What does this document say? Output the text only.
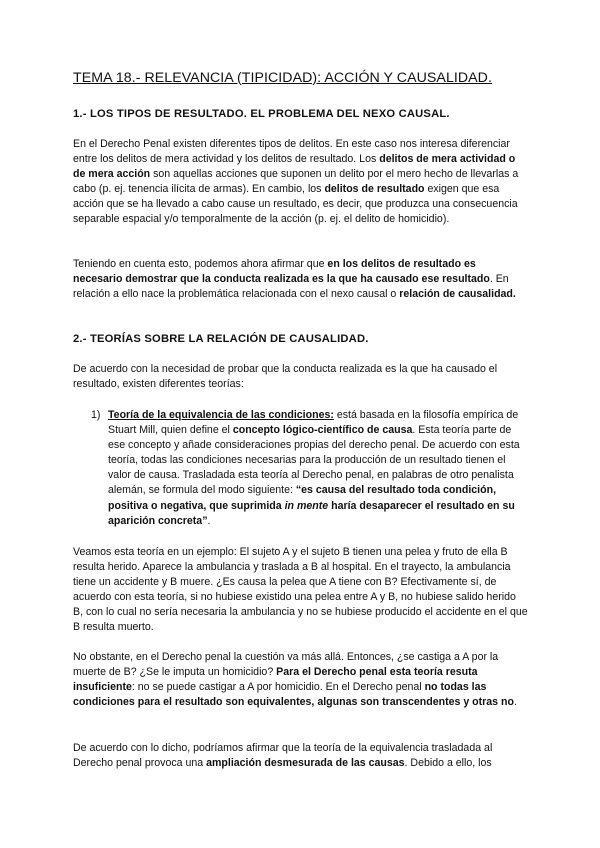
TEMA 18.- RELEVANCIA (TIPICIDAD): ACCIÓN Y CAUSALIDAD.
1.- LOS TIPOS DE RESULTADO. EL PROBLEMA DEL NEXO CAUSAL.

En el Derecho Penal existen diferentes tipos de delitos. En este caso nos interesa diferenciar entre los delitos de mera actividad y los delitos de resultado. Los delitos de mera actividad o de mera acción son aquellas acciones que suponen un delito por el mero hecho de llevarlas a cabo (p. ej. tenencia ilícita de armas). En cambio, los delitos de resultado exigen que esa acción que se ha llevado a cabo cause un resultado, es decir, que produzca una consecuencia separable espacial y/o temporalmente de la acción (p. ej. el delito de homicidio).

Teniendo en cuenta esto, podemos ahora afirmar que en los delitos de resultado es necesario demostrar que la conducta realizada es la que ha causado ese resultado. En relación a ello nace la problemática relacionada con el nexo causal o relación de causalidad.

2.- TEORÍAS SOBRE LA RELACIÓN DE CAUSALIDAD.

De acuerdo con la necesidad de probar que la conducta realizada es la que ha causado el resultado, existen diferentes teorías:

1) Teoría de la equivalencia de las condiciones: está basada en la filosofía empírica de Stuart Mill, quien define el concepto lógico-científico de causa. Esta teoría parte de ese concepto y añade consideraciones propias del derecho penal. De acuerdo con esta teoría, todas las condiciones necesarias para la producción de un resultado tienen el valor de causa. Trasladada esta teoría al Derecho penal, en palabras de otro penalista alemán, se formula del modo siguiente: “es causa del resultado toda condición, positiva o negativa, que suprimida in mente haría desaparecer el resultado en su aparición concreta”.

Veamos esta teoría en un ejemplo: El sujeto A y el sujeto B tienen una pelea y fruto de ella B resulta herido. Aparece la ambulancia y traslada a B al hospital. En el trayecto, la ambulancia tiene un accidente y B muere. ¿Es causa la pelea que A tiene con B? Efectivamente sí, de acuerdo con esta teoría, si no hubiese existido una pelea entre A y B, no hubiese salido herido B, con lo cual no sería necesaria la ambulancia y no se hubiese producido el accidente en el que B resulta muerto.

No obstante, en el Derecho penal la cuestión va más allá. Entonces, ¿se castiga a A por la muerte de B? ¿Se le imputa un homicidio? Para el Derecho penal esta teoría resuta insuficiente: no se puede castigar a A por homicidio. En el Derecho penal no todas las condiciones para el resultado son equivalentes, algunas son transcendentes y otras no.

De acuerdo con lo dicho, podríamos afirmar que la teoría de la equivalencia trasladada al Derecho penal provoca una ampliación desmesurada de las causas. Debido a ello, los
